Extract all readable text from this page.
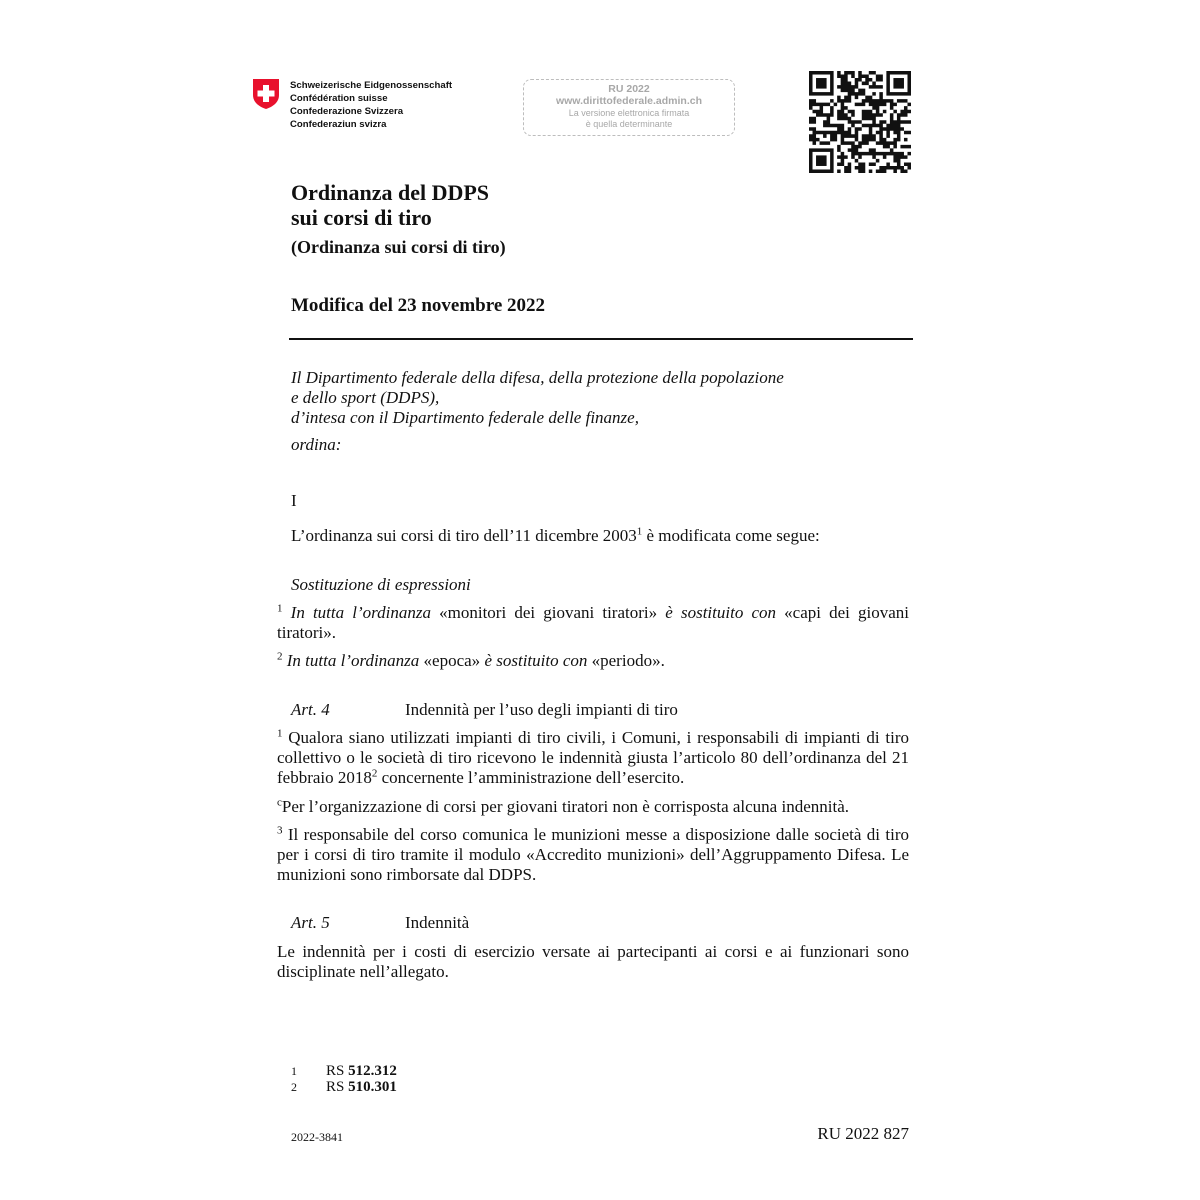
Schweizerische Eidgenossenschaft
Confédération suisse
Confederazione Svizzera
Confederaziun svizra
RU 2022
www.dirittofederale.admin.ch
La versione elettronica firmata
è quella determinante
Ordinanza del DDPS
sui corsi di tiro
(Ordinanza sui corsi di tiro)
Modifica del 23 novembre 2022
Il Dipartimento federale della difesa, della protezione della popolazione
e dello sport (DDPS),
d’intesa con il Dipartimento federale delle finanze,
ordina:
I
L’ordinanza sui corsi di tiro dell’11 dicembre 2003$^1$ è modificata come segue:
Sostituzione di espressioni
$^1$ In tutta l’ordinanza «monitori dei giovani tiratori» è sostituito con «capi dei giovani tiratori».
$^2$ In tutta l’ordinanza «epoca» è sostituito con «periodo».
Art. 4	Indennità per l’uso degli impianti di tiro
$^1$ Qualora siano utilizzati impianti di tiro civili, i Comuni, i responsabili di impianti di tiro collettivo o le società di tiro ricevono le indennità giusta l’articolo 80 dell’ordinanza del 21 febbraio 2018$^2$ concernente l’amministrazione dell’esercito.
$^c$Per l’organizzazione di corsi per giovani tiratori non è corrisposta alcuna indennità.
$^3$ Il responsabile del corso comunica le munizioni messe a disposizione dalle società di tiro per i corsi di tiro tramite il modulo «Accredito munizioni» dell’Aggruppamento Difesa. Le munizioni sono rimborsate dal DDPS.
Art. 5	Indennità
Le indennità per i costi di esercizio versate ai partecipanti ai corsi e ai funzionari sono disciplinate nell’allegato.
1 RS 512.312
2 RS 510.301
2022-3841	RU 2022 827
